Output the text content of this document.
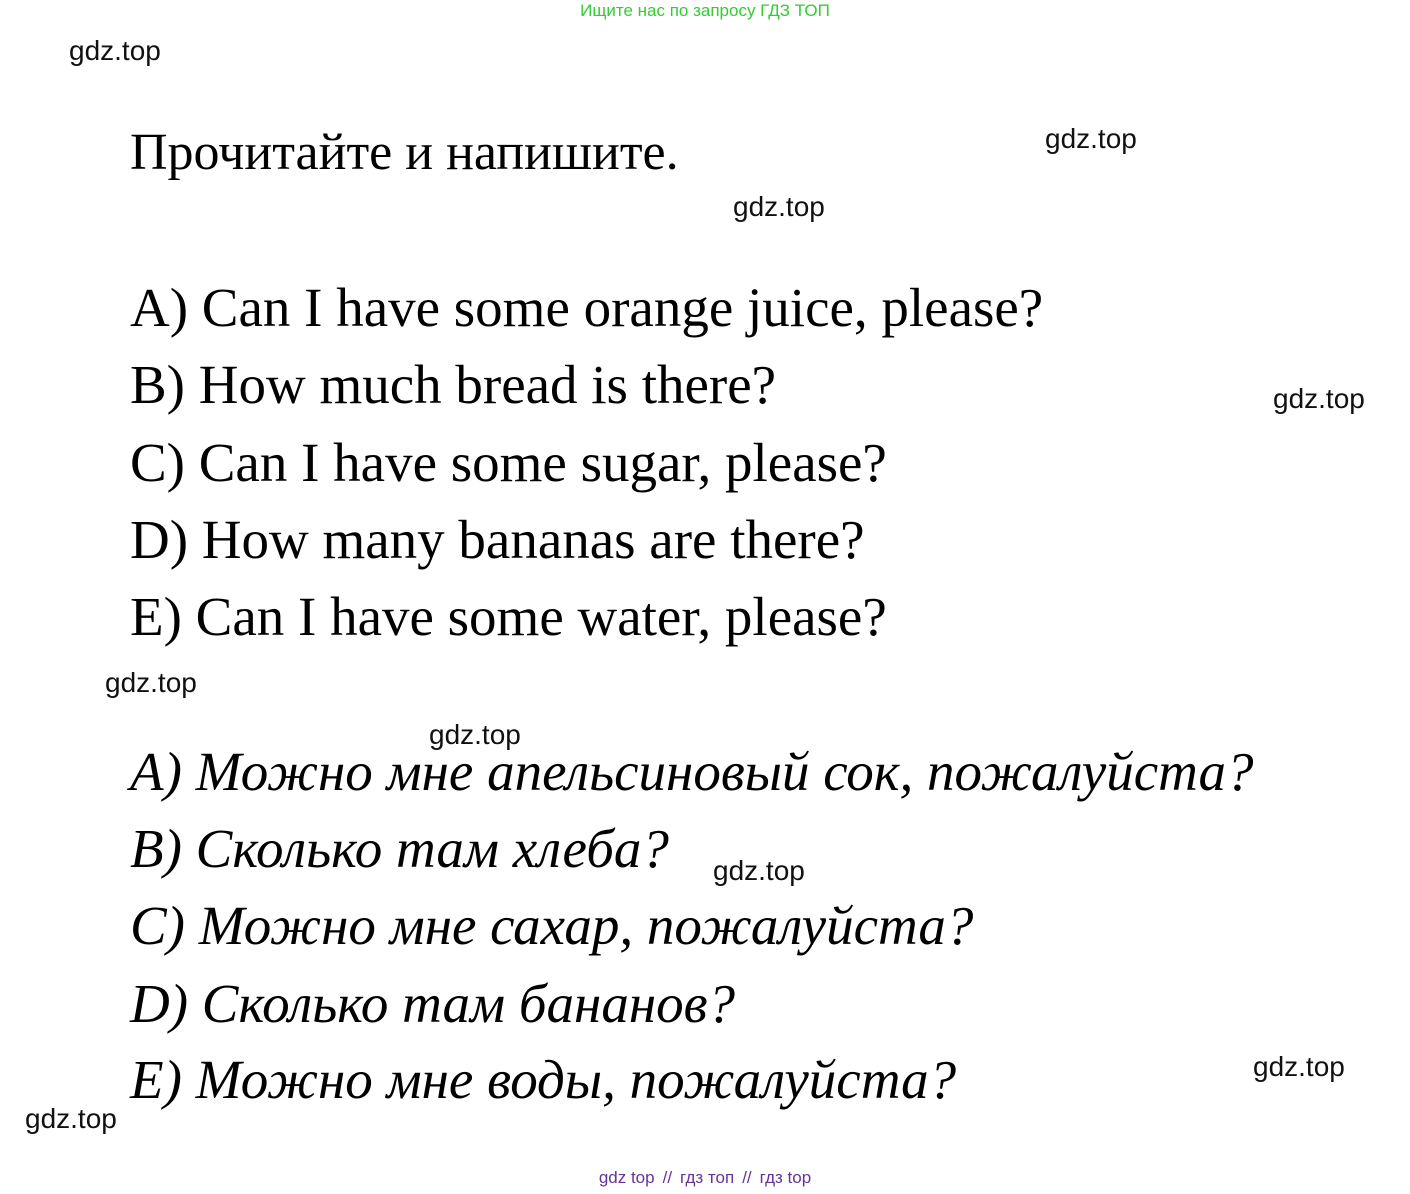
Ищите нас по запросу ГДЗ ТОП
gdz.top
gdz.top
gdz.top
gdz.top
gdz.top
gdz.top
gdz.top
gdz.top
gdz.top
Прочитайте и напишите.
A) Can I have some orange juice, please?
B) How much bread is there?
C) Can I have some sugar, please?
D) How many bananas are there?
E) Can I have some water, please?
A) Можно мне апельсиновый сок, пожалуйста?
B) Сколько там хлеба?
C) Можно мне сахар, пожалуйста?
D) Сколько там бананов?
E) Можно мне воды, пожалуйста?
gdz top // гдз топ // гдз top
